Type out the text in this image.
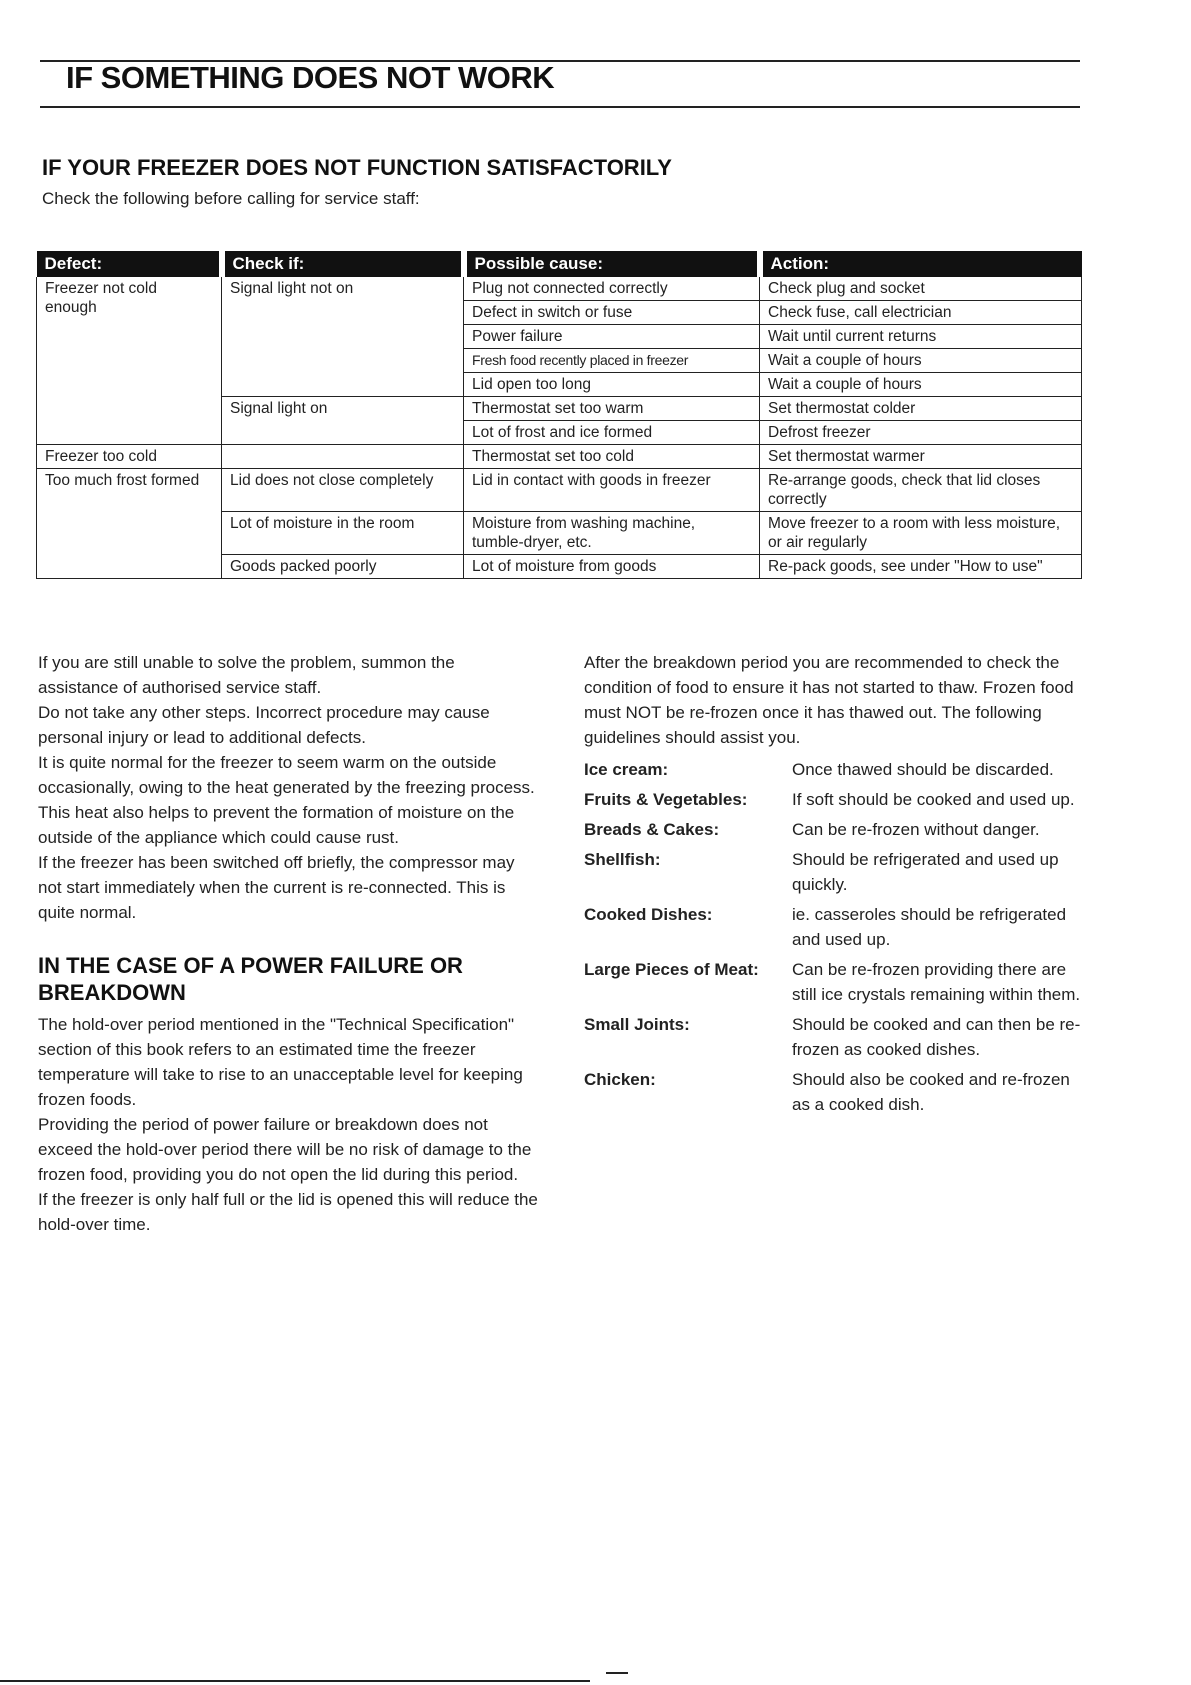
IF SOMETHING DOES NOT WORK
IF YOUR FREEZER DOES NOT FUNCTION SATISFACTORILY

Check the following before calling for service staff:

Defect:	Check if:	Possible cause:	Action:
Freezer not cold enough	Signal light not on	Plug not connected correctly	Check plug and socket
		Defect in switch or fuse	Check fuse, call electrician
		Power failure	Wait until current returns
		Fresh food recently placed in freezer	Wait a couple of hours
		Lid open too long	Wait a couple of hours
	Signal light on	Thermostat set too warm	Set thermostat colder
		Lot of frost and ice formed	Defrost freezer
Freezer too cold		Thermostat set too cold	Set thermostat warmer
Too much frost formed	Lid does not close completely	Lid in contact with goods in freezer	Re-arrange goods, check that lid closes correctly
	Lot of moisture in the room	Moisture from washing machine, tumble-dryer, etc.	Move freezer to a room with less moisture, or air regularly
	Goods packed poorly	Lot of moisture from goods	Re-pack goods, see under "How to use"

If you are still unable to solve the problem, summon the assistance of authorised service staff.

Do not take any other steps. Incorrect procedure may cause personal injury or lead to additional defects.

It is quite normal for the freezer to seem warm on the outside occasionally, owing to the heat generated by the freezing process. This heat also helps to prevent the formation of moisture on the outside of the appliance which could cause rust.

If the freezer has been switched off briefly, the compressor may not start immediately when the current is re-connected. This is quite normal.

IN THE CASE OF A POWER FAILURE OR BREAKDOWN

The hold-over period mentioned in the "Technical Specification" section of this book refers to an estimated time the freezer temperature will take to rise to an unacceptable level for keeping frozen foods.

Providing the period of power failure or breakdown does not exceed the hold-over period there will be no risk of damage to the frozen food, providing you do not open the lid during this period.

If the freezer is only half full or the lid is opened this will reduce the hold-over time.

After the breakdown period you are recommended to check the condition of food to ensure it has not started to thaw. Frozen food must NOT be re-frozen once it has thawed out. The following guidelines should assist you.

Ice cream:	Once thawed should be discarded.
Fruits & Vegetables:	If soft should be cooked and used up.
Breads & Cakes:	Can be re-frozen without danger.
Shellfish:	Should be refrigerated and used up quickly.
Cooked Dishes:	ie. casseroles should be refrigerated and used up.
Large Pieces of Meat:	Can be re-frozen providing there are still ice crystals remaining within them.
Small Joints:	Should be cooked and can then be re-frozen as cooked dishes.
Chicken:	Should also be cooked and re-frozen as a cooked dish.
